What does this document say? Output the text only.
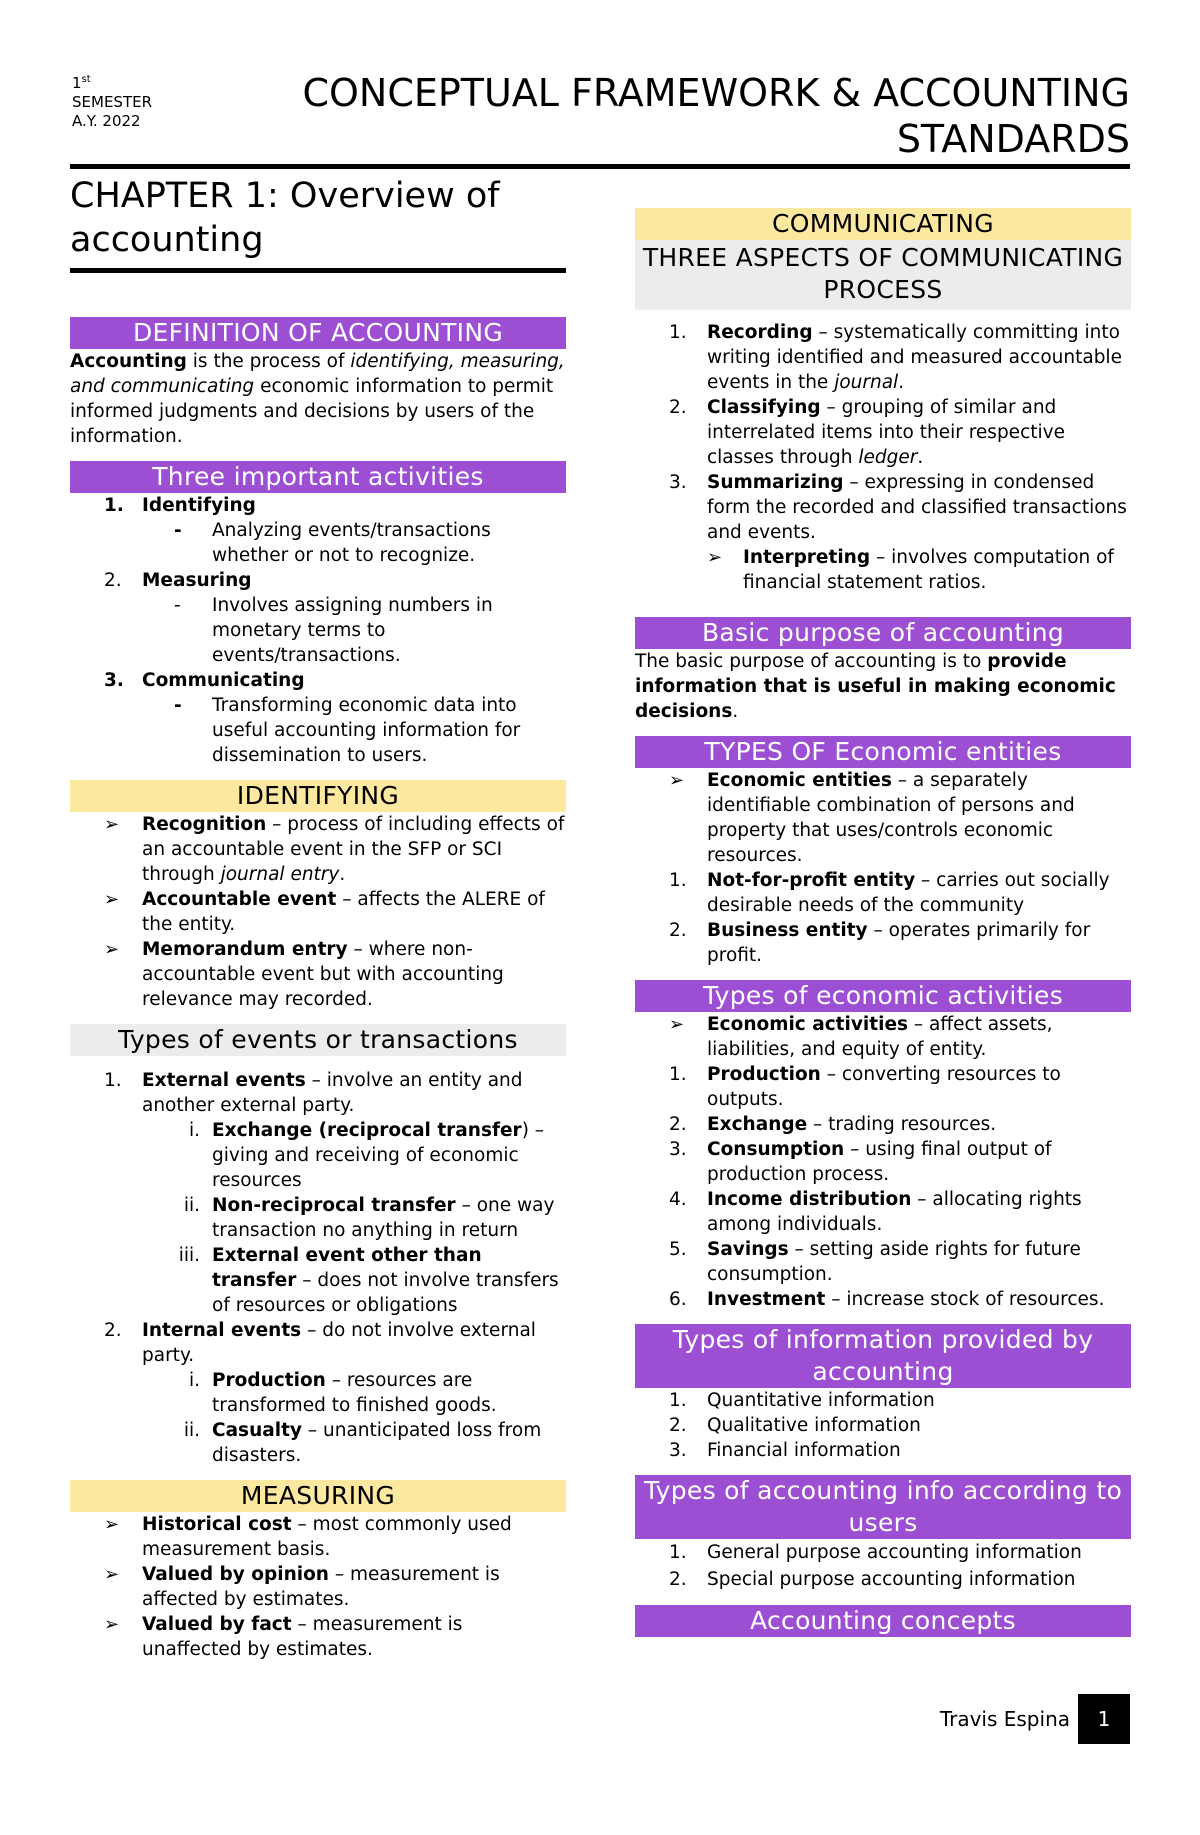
1st
SEMESTER
A.Y. 2022
CONCEPTUAL FRAMEWORK & ACCOUNTING
STANDARDS
CHAPTER 1: Overview of
accounting
DEFINITION OF ACCOUNTING

Accounting is the process of identifying, measuring, and communicating economic information to permit informed judgments and decisions by users of the information.

Three important activities
1. Identifying
- Analyzing events/transactions whether or not to recognize.
2.	Measuring
- Involves assigning numbers in monetary terms to events/transactions.
3. Communicating
- Transforming economic data into useful accounting information for dissemination to users.
IDENTIFYING
➢ Recognition – process of including effects of an accountable event in the SFP or SCI through journal entry.
➢ Accountable event – affects the ALERE of the entity.
➢ Memorandum entry – where non-accountable event but with accounting relevance may recorded.
Types of events or transactions
1.	External events – involve an entity and another external party.
i. Exchange (reciprocal transfer) – giving and receiving of economic resources
ii. Non-reciprocal transfer – one way transaction no anything in return
iii. External event other than transfer – does not involve transfers of resources or obligations
2.	Internal events – do not involve external party.
i. Production – resources are transformed to finished goods.
ii. Casualty – unanticipated loss from disasters.
MEASURING
➢ Historical cost – most commonly used measurement basis.
➢ Valued by opinion – measurement is affected by estimates.
➢ Valued by fact – measurement is unaffected by estimates.
COMMUNICATING
THREE ASPECTS OF COMMUNICATING PROCESS
1.	Recording – systematically committing into writing identified and measured accountable events in the journal.
2.	Classifying – grouping of similar and interrelated items into their respective classes through ledger.
3.	Summarizing – expressing in condensed form the recorded and classified transactions and events.
➢ Interpreting – involves computation of financial statement ratios.
Basic purpose of accounting

The basic purpose of accounting is to provide information that is useful in making economic decisions.

TYPES OF Economic entities
➢ Economic entities – a separately identifiable combination of persons and property that uses/controls economic resources.
1.	Not-for-profit entity – carries out socially desirable needs of the community
2.	Business entity – operates primarily for profit.
Types of economic activities
➢ Economic activities – affect assets, liabilities, and equity of entity.
1.	Production – converting resources to outputs.
2.	Exchange – trading resources.
3.	Consumption – using final output of production process.
4.	Income distribution – allocating rights among individuals.
5.	Savings – setting aside rights for future consumption.
6.	Investment – increase stock of resources.
Types of information provided by accounting
1.	Quantitative information
2.	Qualitative information
3.	Financial information
Types of accounting info according to users
1.	General purpose accounting information
2.	Special purpose accounting information
Accounting concepts
Travis Espina	1
